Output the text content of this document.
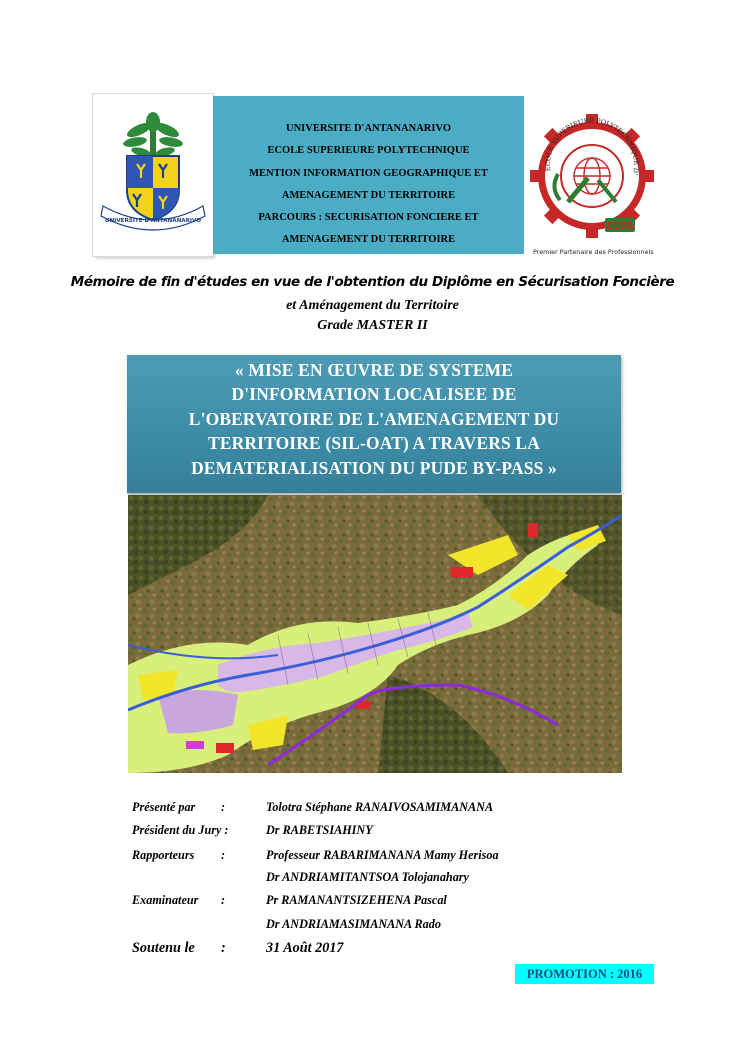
UNIVERSITE D'ANTANANARIVO
UNIVERSITE D'ANTANANARIVO
ECOLE SUPERIEURE POLYTECHNIQUE
MENTION INFORMATION GEOGRAPHIQUE ET
AMENAGEMENT DU TERRITOIRE
PARCOURS : SECURISATION FONCIERE ET
AMENAGEMENT DU TERRITOIRE
ECOLE SUPERIEURE POLYTECHNIQUE D'
ESPA
Premier Partenaire des Professionnels
Mémoire de fin d'études en vue de l'obtention du Diplôme en Sécurisation Foncière
et Aménagement du Territoire
Grade MASTER II
« MISE EN ŒUVRE DE SYSTEME
D'INFORMATION LOCALISEE DE
L'OBERVATOIRE DE L'AMENAGEMENT DU
TERRITOIRE (SIL-OAT) A TRAVERS LA
DEMATERIALISATION DU PUDE BY-PASS »
Présenté par :	Tolotra Stéphane RANAIVOSAMIMANANA
Président du Jury :	Dr RABETSIAHINY
Rapporteurs :	Professeur RABARIMANANA Mamy Herisoa
Dr ANDRIAMITANTSOA Tolojanahary
Examinateur :	Pr RAMANANTSIZEHENA Pascal
Dr ANDRIAMASIMANANA Rado
Soutenu le :	31 Août 2017
PROMOTION : 2016
